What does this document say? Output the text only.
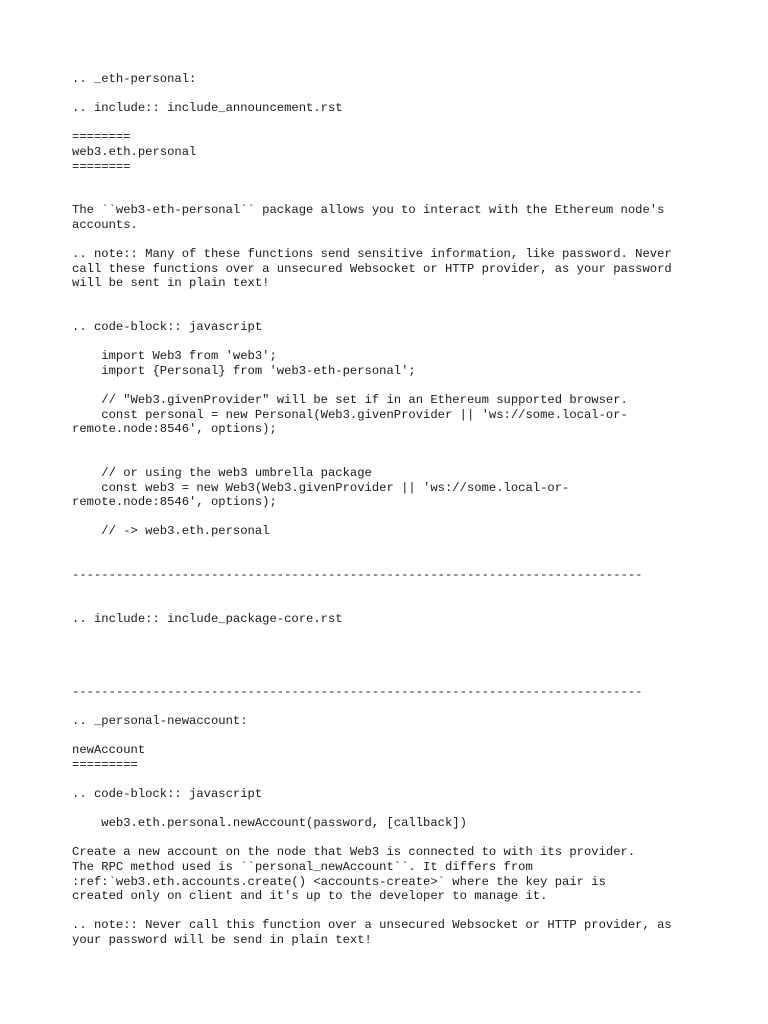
.. _eth-personal:
.. include:: include_announcement.rst
========
web3.eth.personal
========
The ``web3-eth-personal`` package allows you to interact with the Ethereum node's
accounts.
.. note:: Many of these functions send sensitive information, like password. Never
call these functions over a unsecured Websocket or HTTP provider, as your password
will be sent in plain text!
.. code-block:: javascript
import Web3 from 'web3';
import {Personal} from 'web3-eth-personal';
// "Web3.givenProvider" will be set if in an Ethereum supported browser.
const personal = new Personal(Web3.givenProvider || 'ws://some.local-or-
remote.node:8546', options);
// or using the web3 umbrella package
const web3 = new Web3(Web3.givenProvider || 'ws://some.local-or-
remote.node:8546', options);
// -> web3.eth.personal
------------------------------------------------------------------------------
.. include:: include_package-core.rst
------------------------------------------------------------------------------
.. _personal-newaccount:
newAccount
=========
.. code-block:: javascript
web3.eth.personal.newAccount(password, [callback])
Create a new account on the node that Web3 is connected to with its provider.
The RPC method used is ``personal_newAccount``. It differs from
:ref:`web3.eth.accounts.create() <accounts-create>` where the key pair is
created only on client and it's up to the developer to manage it.
.. note:: Never call this function over a unsecured Websocket or HTTP provider, as
your password will be send in plain text!
